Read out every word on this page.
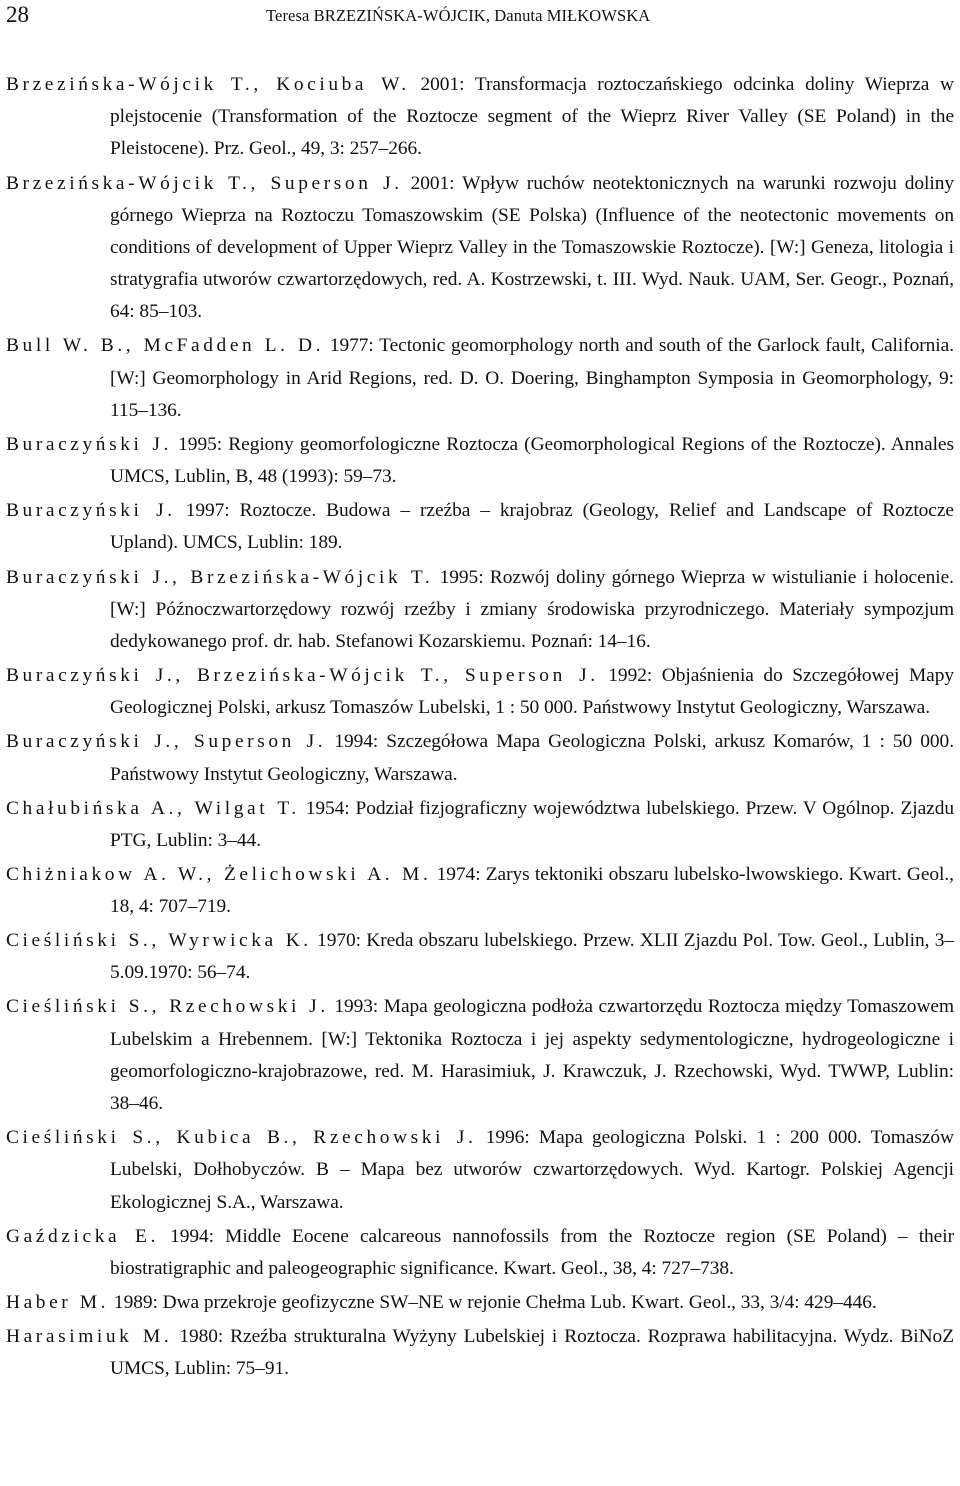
28	Teresa BRZEZIŃSKA-WÓJCIK, Danuta MIŁKOWSKA
Brzezińska-Wójcik T., Kociuba W. 2001: Transformacja roztoczańskiego odcinka doliny Wieprza w plejstocenie (Transformation of the Roztocze segment of the Wieprz River Valley (SE Poland) in the Pleistocene). Prz. Geol., 49, 3: 257–266.
Brzezińska-Wójcik T., Superson J. 2001: Wpływ ruchów neotektonicznych na warunki rozwoju doliny górnego Wieprza na Roztoczu Tomaszowskim (SE Polska) (Influence of the neotectonic movements on conditions of development of Upper Wieprz Valley in the Tomaszowskie Roztocze). [W:] Geneza, litologia i stratygrafia utworów czwartorzędowych, red. A. Kostrzewski, t. III. Wyd. Nauk. UAM, Ser. Geogr., Poznań, 64: 85–103.
Bull W. B., McFadden L. D. 1977: Tectonic geomorphology north and south of the Garlock fault, California. [W:] Geomorphology in Arid Regions, red. D. O. Doering, Binghampton Symposia in Geomorphology, 9: 115–136.
Buraczyński J. 1995: Regiony geomorfologiczne Roztocza (Geomorphological Regions of the Roztocze). Annales UMCS, Lublin, B, 48 (1993): 59–73.
Buraczyński J. 1997: Roztocze. Budowa – rzeźba – krajobraz (Geology, Relief and Landscape of Roztocze Upland). UMCS, Lublin: 189.
Buraczyński J., Brzezińska-Wójcik T. 1995: Rozwój doliny górnego Wieprza w wistulianie i holocenie. [W:] Późnoczwartorzędowy rozwój rzeźby i zmiany środowiska przyrodniczego. Materiały sympozjum dedykowanego prof. dr. hab. Stefanowi Kozarskiemu. Poznań: 14–16.
Buraczyński J., Brzezińska-Wójcik T., Superson J. 1992: Objaśnienia do Szczegółowej Mapy Geologicznej Polski, arkusz Tomaszów Lubelski, 1 : 50 000. Państwowy Instytut Geologiczny, Warszawa.
Buraczyński J., Superson J. 1994: Szczegółowa Mapa Geologiczna Polski, arkusz Komarów, 1 : 50 000. Państwowy Instytut Geologiczny, Warszawa.
Chałubińska A., Wilgat T. 1954: Podział fizjograficzny województwa lubelskiego. Przew. V Ogólnop. Zjazdu PTG, Lublin: 3–44.
Chiżniakow A. W., Żelichowski A. M. 1974: Zarys tektoniki obszaru lubelsko-lwowskiego. Kwart. Geol., 18, 4: 707–719.
Cieśliński S., Wyrwicka K. 1970: Kreda obszaru lubelskiego. Przew. XLII Zjazdu Pol. Tow. Geol., Lublin, 3–5.09.1970: 56–74.
Cieśliński S., Rzechowski J. 1993: Mapa geologiczna podłoża czwartorzędu Roztocza między Tomaszowem Lubelskim a Hrebennem. [W:] Tektonika Roztocza i jej aspekty sedymentologiczne, hydrogeologiczne i geomorfologiczno-krajobrazowe, red. M. Harasimiuk, J. Krawczuk, J. Rzechowski, Wyd. TWWP, Lublin: 38–46.
Cieśliński S., Kubica B., Rzechowski J. 1996: Mapa geologiczna Polski. 1 : 200 000. Tomaszów Lubelski, Dołhobyczów. B – Mapa bez utworów czwartorzędowych. Wyd. Kartogr. Polskiej Agencji Ekologicznej S.A., Warszawa.
Gaździcka E. 1994: Middle Eocene calcareous nannofossils from the Roztocze region (SE Poland) – their biostratigraphic and paleogeographic significance. Kwart. Geol., 38, 4: 727–738.
Haber M. 1989: Dwa przekroje geofizyczne SW–NE w rejonie Chełma Lub. Kwart. Geol., 33, 3/4: 429–446.
Harasimiuk M. 1980: Rzeźba strukturalna Wyżyny Lubelskiej i Roztocza. Rozprawa habilitacyjna. Wydz. BiNoZ UMCS, Lublin: 75–91.
